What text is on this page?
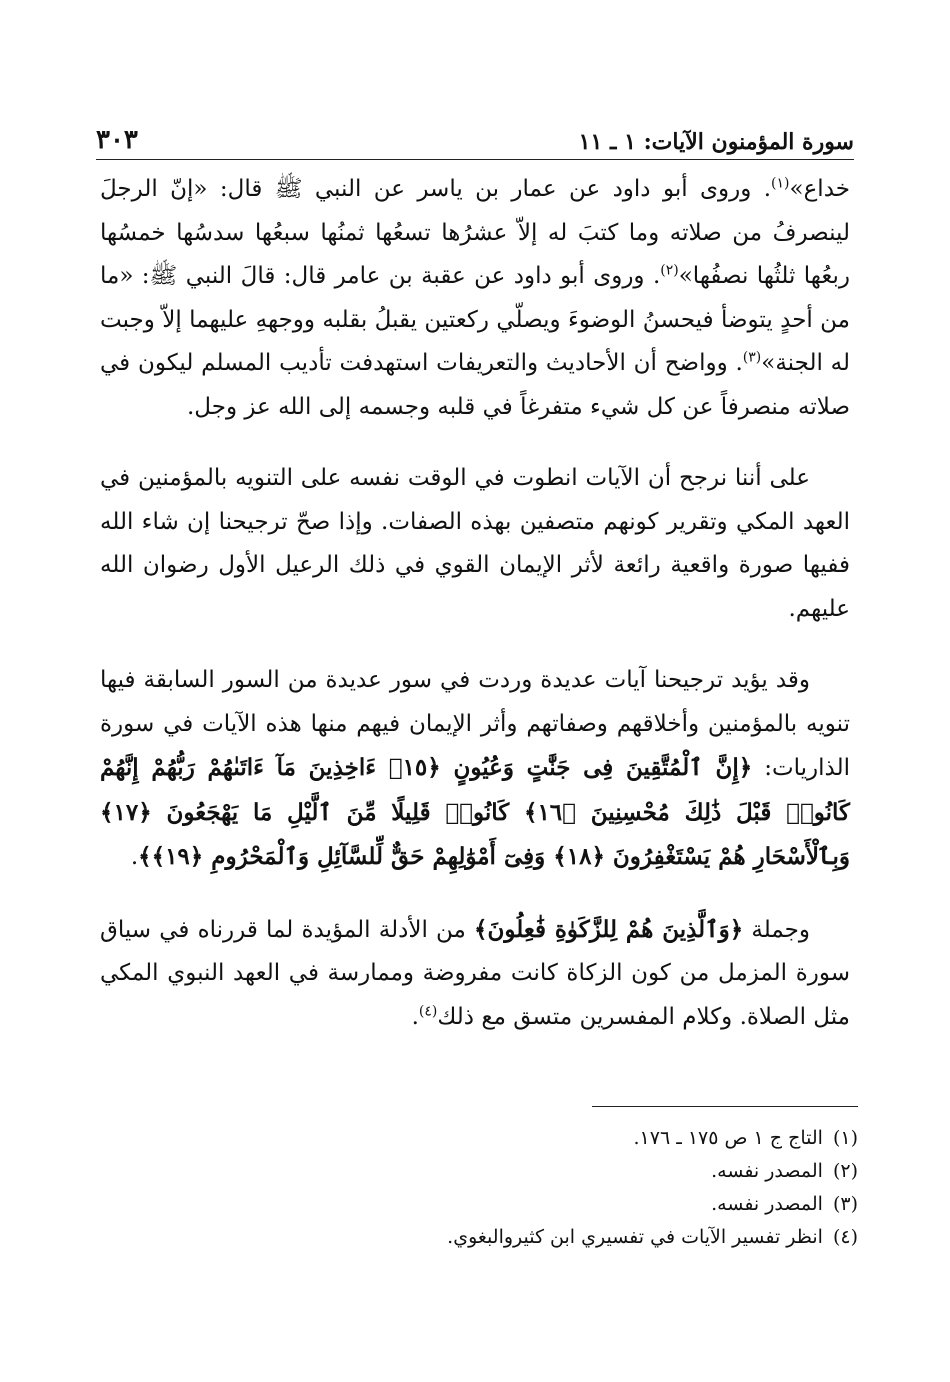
سورة المؤمنون الآيات: ١ ـ ١١
٣٠٣

خداع»$^{(١)}$. وروى أبو داود عن عمار بن ياسر عن النبي ﷺ قال: «إنّ الرجلَ لينصرفُ من صلاته وما كتبَ له إلاّ عشرُها تسعُها ثمنُها سبعُها سدسُها خمسُها ربعُها ثلثُها نصفُها»$^{(٢)}$. وروى أبو داود عن عقبة بن عامر قال: قالَ النبي ﷺ: «ما من أحدٍ يتوضأ فيحسنُ الوضوءَ ويصلّي ركعتين يقبلُ بقلبه ووجههِ عليهما إلاّ وجبت له الجنة»$^{(٣)}$. وواضح أن الأحاديث والتعريفات استهدفت تأديب المسلم ليكون في صلاته منصرفاً عن كل شيء متفرغاً في قلبه وجسمه إلى الله عز وجل.

على أننا نرجح أن الآيات انطوت في الوقت نفسه على التنويه بالمؤمنين في العهد المكي وتقرير كونهم متصفين بهذه الصفات. وإذا صحّ ترجيحنا إن شاء الله ففيها صورة واقعية رائعة لأثر الإيمان القوي في ذلك الرعيل الأول رضوان الله عليهم.

وقد يؤيد ترجيحنا آيات عديدة وردت في سور عديدة من السور السابقة فيها تنويه بالمؤمنين وأخلاقهم وصفاتهم وأثر الإيمان فيهم منها هذه الآيات في سورة الذاريات: ﴿إِنَّ ٱلْمُتَّقِينَ فِى جَنَّٰتٍ وَعُيُونٍ ﴿١٥﴾ ءَاخِذِينَ مَآ ءَاتَىٰهُمْ رَبُّهُمْ إِنَّهُمْ كَانُوا۟ قَبْلَ ذَٰلِكَ مُحْسِنِينَ ﴿١٦﴾ كَانُوا۟ قَلِيلًا مِّنَ ٱلَّيْلِ مَا يَهْجَعُونَ ﴿١٧﴾ وَبِٱلْأَسْحَارِ هُمْ يَسْتَغْفِرُونَ ﴿١٨﴾ وَفِىٓ أَمْوَٰلِهِمْ حَقٌّ لِّلسَّآئِلِ وَٱلْمَحْرُومِ ﴿١٩﴾﴾.

وجملة ﴿وَٱلَّذِينَ هُمْ لِلزَّكَوٰةِ فَٰعِلُونَ﴾ من الأدلة المؤيدة لما قررناه في سياق سورة المزمل من كون الزكاة كانت مفروضة وممارسة في العهد النبوي المكي مثل الصلاة. وكلام المفسرين متسق مع ذلك$^{(٤)}$.

(١)
التاج ج ١ ص ١٧٥ ـ ١٧٦.
(٢)
المصدر نفسه.
(٣)
المصدر نفسه.
(٤)
انظر تفسير الآيات في تفسيري ابن كثيروالبغوي.
